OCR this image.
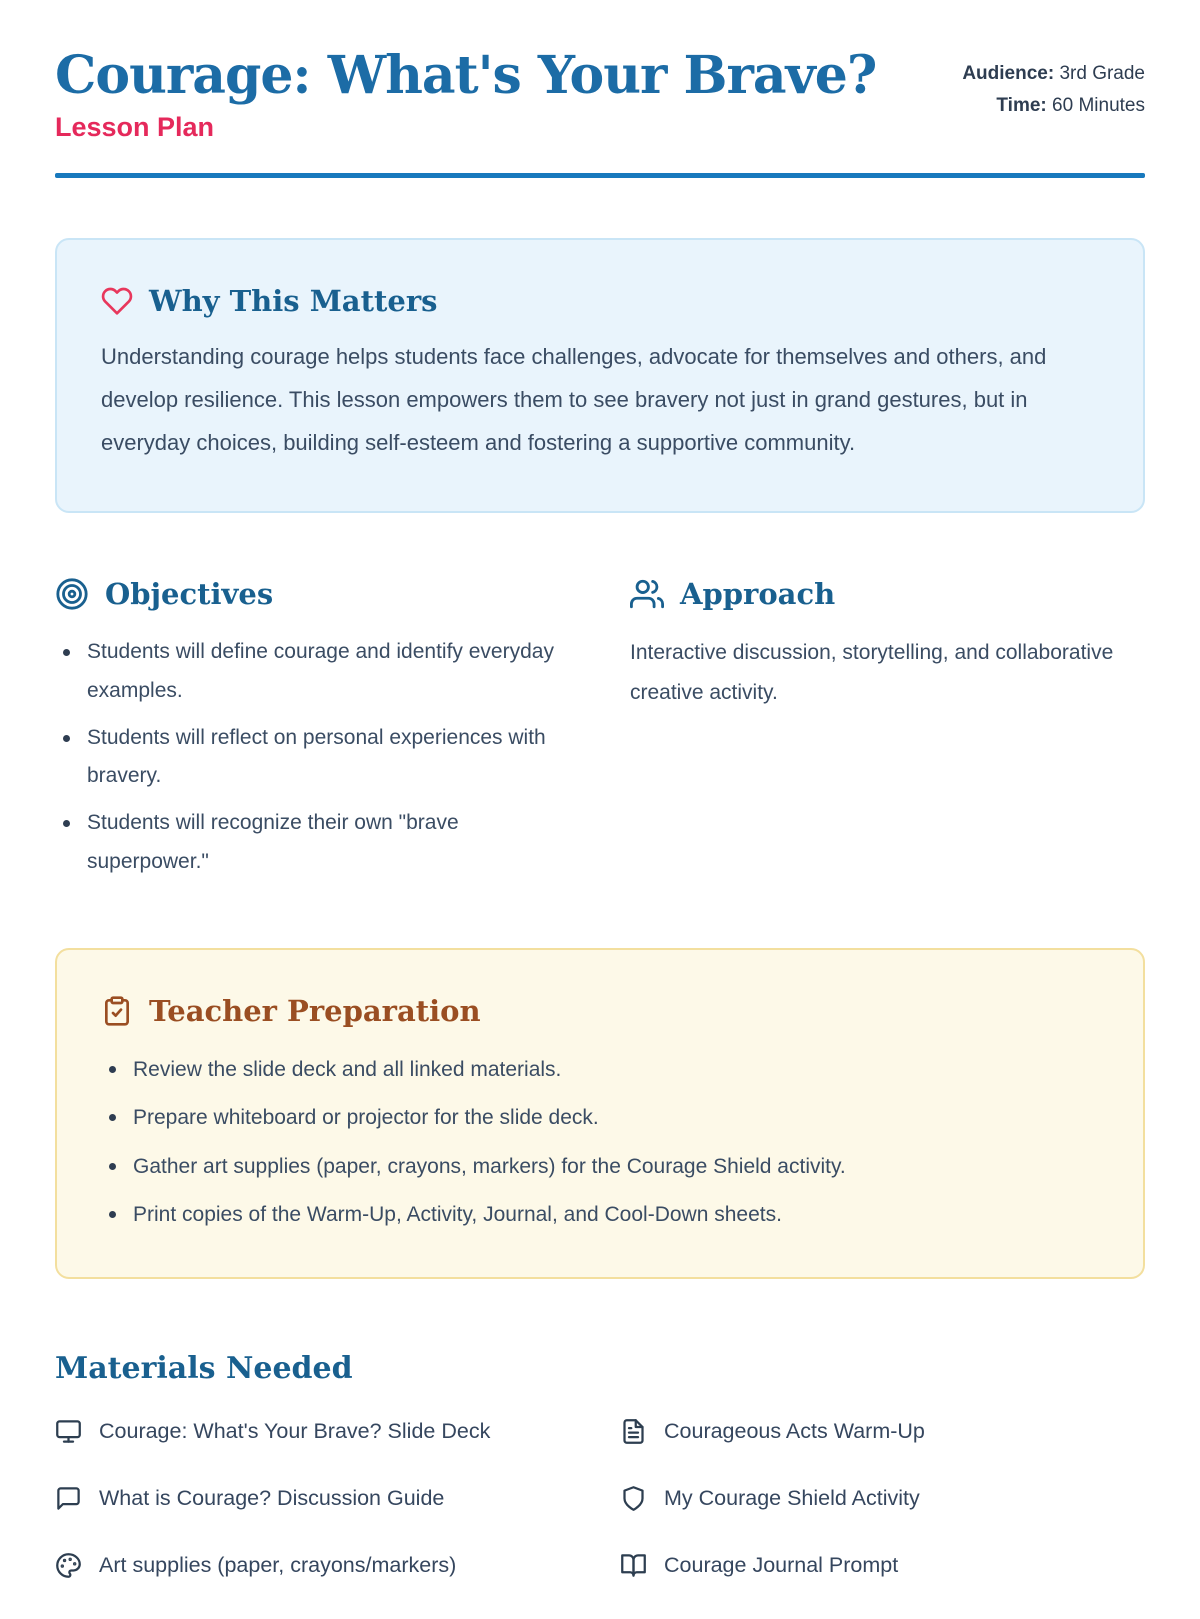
Courage: What's Your Brave?
Lesson Plan
Audience: 3rd Grade
Time: 60 Minutes
Why This Matters

Understanding courage helps students face challenges, advocate for themselves and others, and develop resilience. This lesson empowers them to see bravery not just in grand gestures, but in everyday choices, building self-esteem and fostering a supportive community.

Objectives
Students will define courage and identify everyday examples.
Students will reflect on personal experiences with bravery.
Students will recognize their own "brave superpower."
Approach

Interactive discussion, storytelling, and collaborative creative activity.

Teacher Preparation
Review the slide deck and all linked materials.
Prepare whiteboard or projector for the slide deck.
Gather art supplies (paper, crayons, markers) for the Courage Shield activity.
Print copies of the Warm-Up, Activity, Journal, and Cool-Down sheets.
Materials Needed
Courage: What's Your Brave? Slide Deck	Courageous Acts Warm-Up
What is Courage? Discussion Guide	My Courage Shield Activity
Art supplies (paper, crayons/markers)	Courage Journal Prompt
